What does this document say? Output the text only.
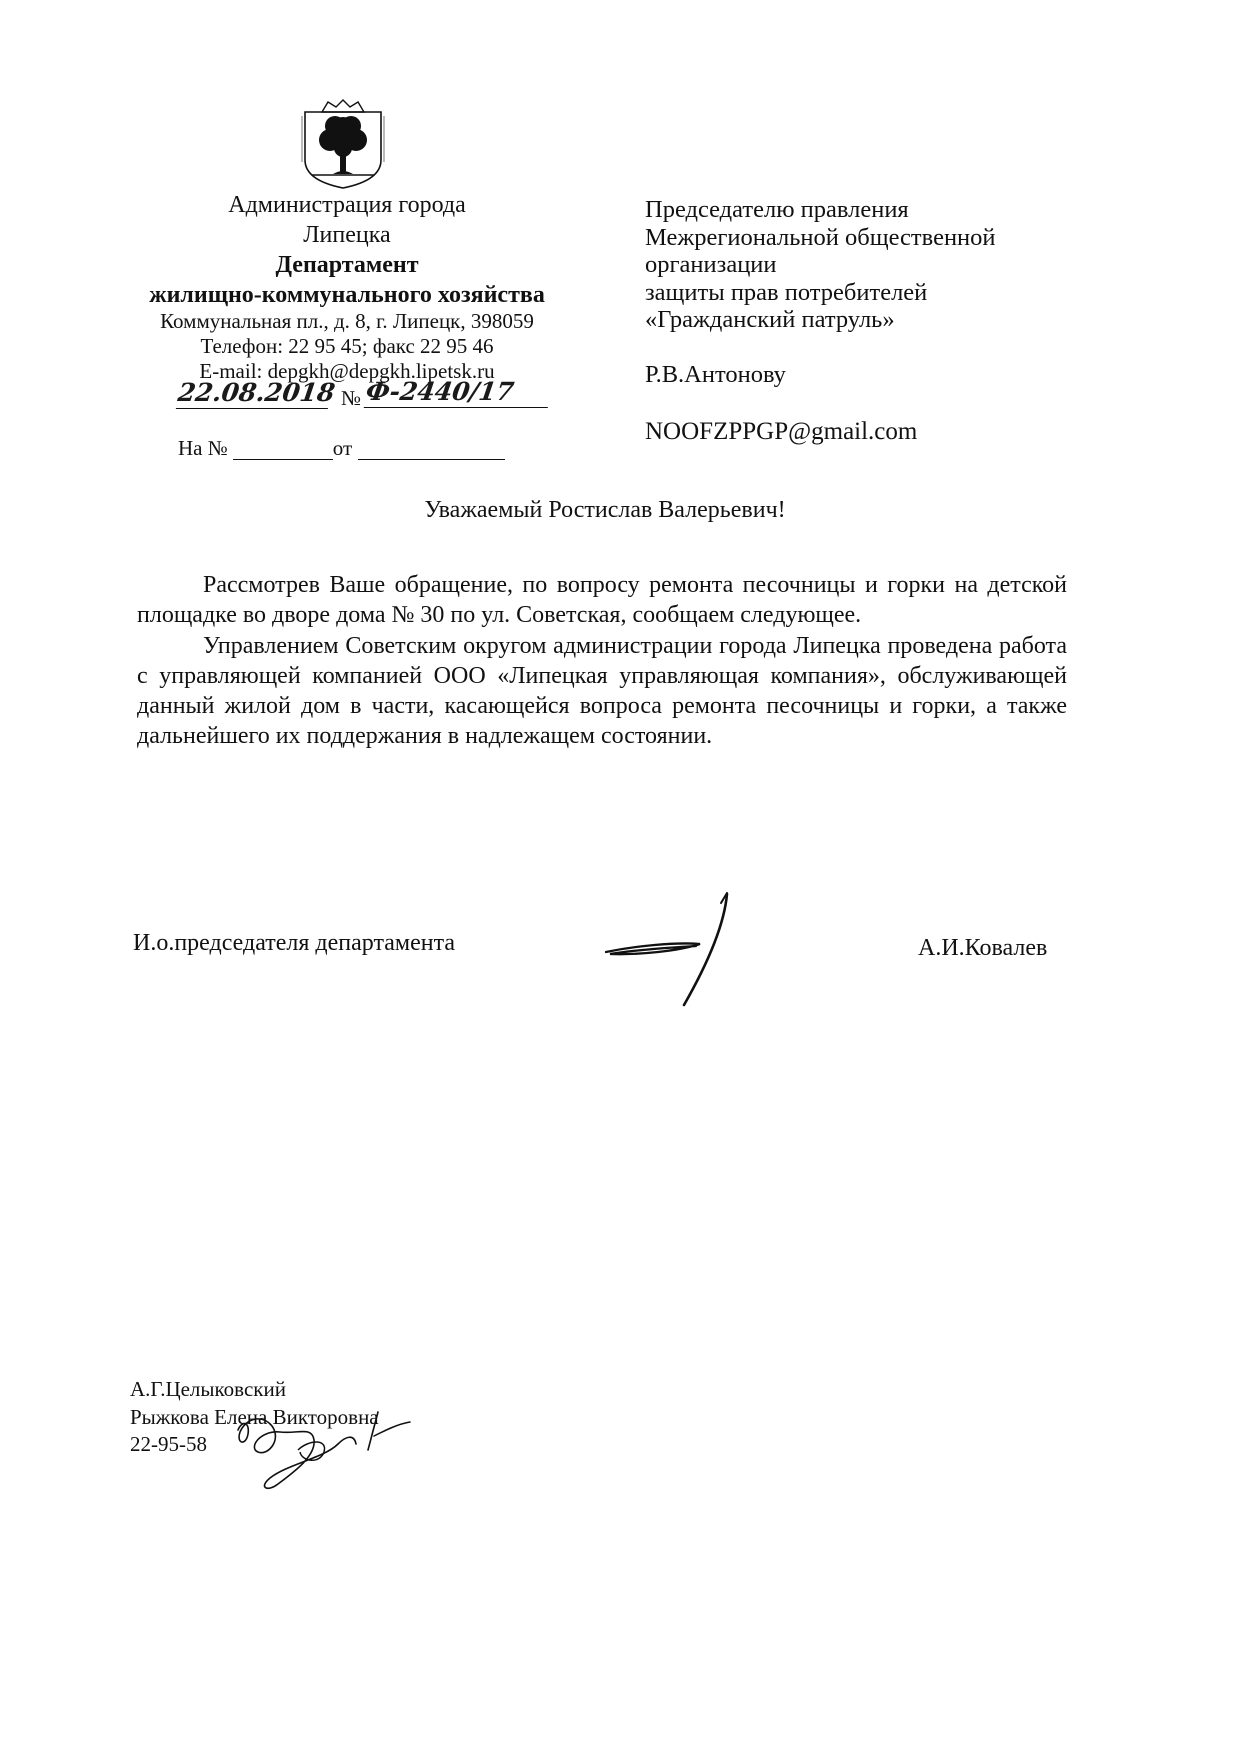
Администрация города
Липецка
Департамент
жилищно-коммунального хозяйства
Коммунальная пл., д. 8, г. Липецк, 398059
Телефон: 22 95 45; факс 22 95 46
E-mail: depgkh@depgkh.lipetsk.ru
22.08.2018 № Ф-2440/17
На №	от
Председателю правления
Межрегиональной общественной
организации
защиты прав потребителей
«Гражданский патруль»
Р.В.Антонову
NOOFZPPGP@gmail.com
Уважаемый Ростислав Валерьевич!

Рассмотрев Ваше обращение, по вопросу ремонта песочницы и горки на детской площадке во дворе дома № 30 по ул. Советская, сообщаем следующее.

Управлением Советским округом администрации города Липецка проведена работа с управляющей компанией ООО «Липецкая управляющая компания», обслуживающей данный жилой дом в части, касающейся вопроса ремонта песочницы и горки, а также дальнейшего их поддержания в надлежащем состоянии.

И.о.председателя департамента	А.И.Ковалев
А.Г.Целыковский
Рыжкова Елена Викторовна
22-95-58
